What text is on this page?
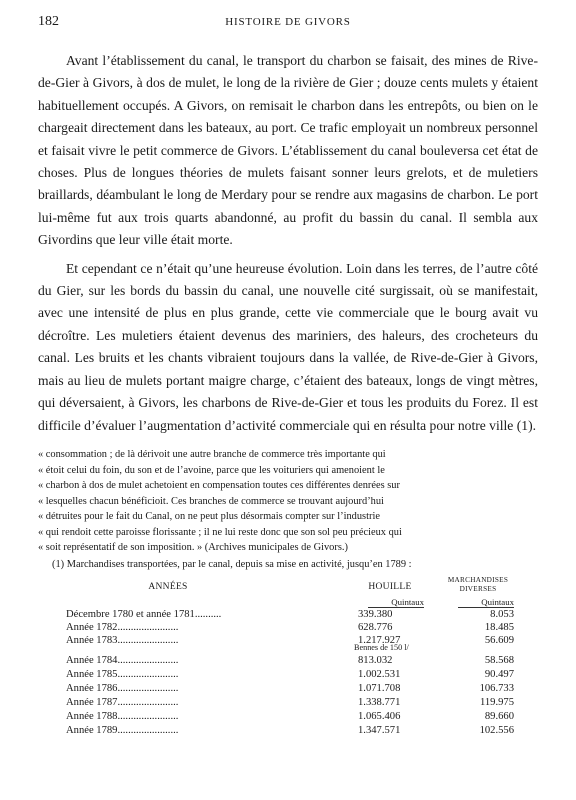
182	HISTOIRE DE GIVORS

Avant l’établissement du canal, le transport du charbon se faisait, des mines de Rive-de-Gier à Givors, à dos de mulet, le long de la rivière de Gier ; douze cents mulets y étaient habituellement occupés. A Givors, on remisait le charbon dans les entrepôts, ou bien on le chargeait directement dans les bateaux, au port. Ce trafic employait un nombreux personnel et faisait vivre le petit commerce de Givors. L’établissement du canal bouleversa cet état de choses. Plus de longues théories de mulets faisant sonner leurs grelots, et de muletiers braillards, déambulant le long de Merdary pour se rendre aux magasins de charbon. Le port lui-même fut aux trois quarts abandonné, au profit du bassin du canal. Il sembla aux Givordins que leur ville était morte.

Et cependant ce n’était qu’une heureuse évolution. Loin dans les terres, de l’autre côté du Gier, sur les bords du bassin du canal, une nouvelle cité surgissait, où se manifestait, avec une intensité de plus en plus grande, cette vie commerciale que le bourg avait vu décroître. Les muletiers étaient devenus des mariniers, des haleurs, des crocheteurs du canal. Les bruits et les chants vibraient toujours dans la vallée, de Rive-de-Gier à Givors, mais au lieu de mulets portant maigre charge, c’étaient des bateaux, longs de vingt mètres, qui déversaient, à Givors, les charbons de Rive-de-Gier et tous les produits du Forez. Il est difficile d’évaluer l’augmentation d’activité commerciale qui en résulta pour notre ville (1).

« consommation ; de là dérivoit une autre branche de commerce très importante qui
« étoit celui du foin, du son et de l’avoine, parce que les voituriers qui amenoient le
« charbon à dos de mulet achetoient en compensation toutes ces différentes denrées sur
« lesquelles chacun bénéficioit. Ces branches de commerce se trouvant aujourd’hui
« détruites pour le fait du Canal, on ne peut plus désormais compter sur l’industrie
« qui rendoit cette paroisse florissante ; il ne lui reste donc que son sol peu précieux qui
« soit représentatif de son imposition. » (Archives municipales de Givors.)
(1) Marchandises transportées, par le canal, depuis sa mise en activité, jusqu’en 1789 :
ANNÉES	HOUILLE
MARCHANDISES
DIVERSES
Quintaux	Quintaux
Bennes de 150 l/
Décembre 1780 et année 1781..........	339.380	8.053
Année 1782.......................	628.776	18.485
Année 1783.......................	1.217.927	56.609
Année 1784.......................	813.032	58.568
Année 1785.......................	1.002.531	90.497
Année 1786.......................	1.071.708	106.733
Année 1787.......................	1.338.771	119.975
Année 1788.......................	1.065.406	89.660
Année 1789.......................	1.347.571	102.556
